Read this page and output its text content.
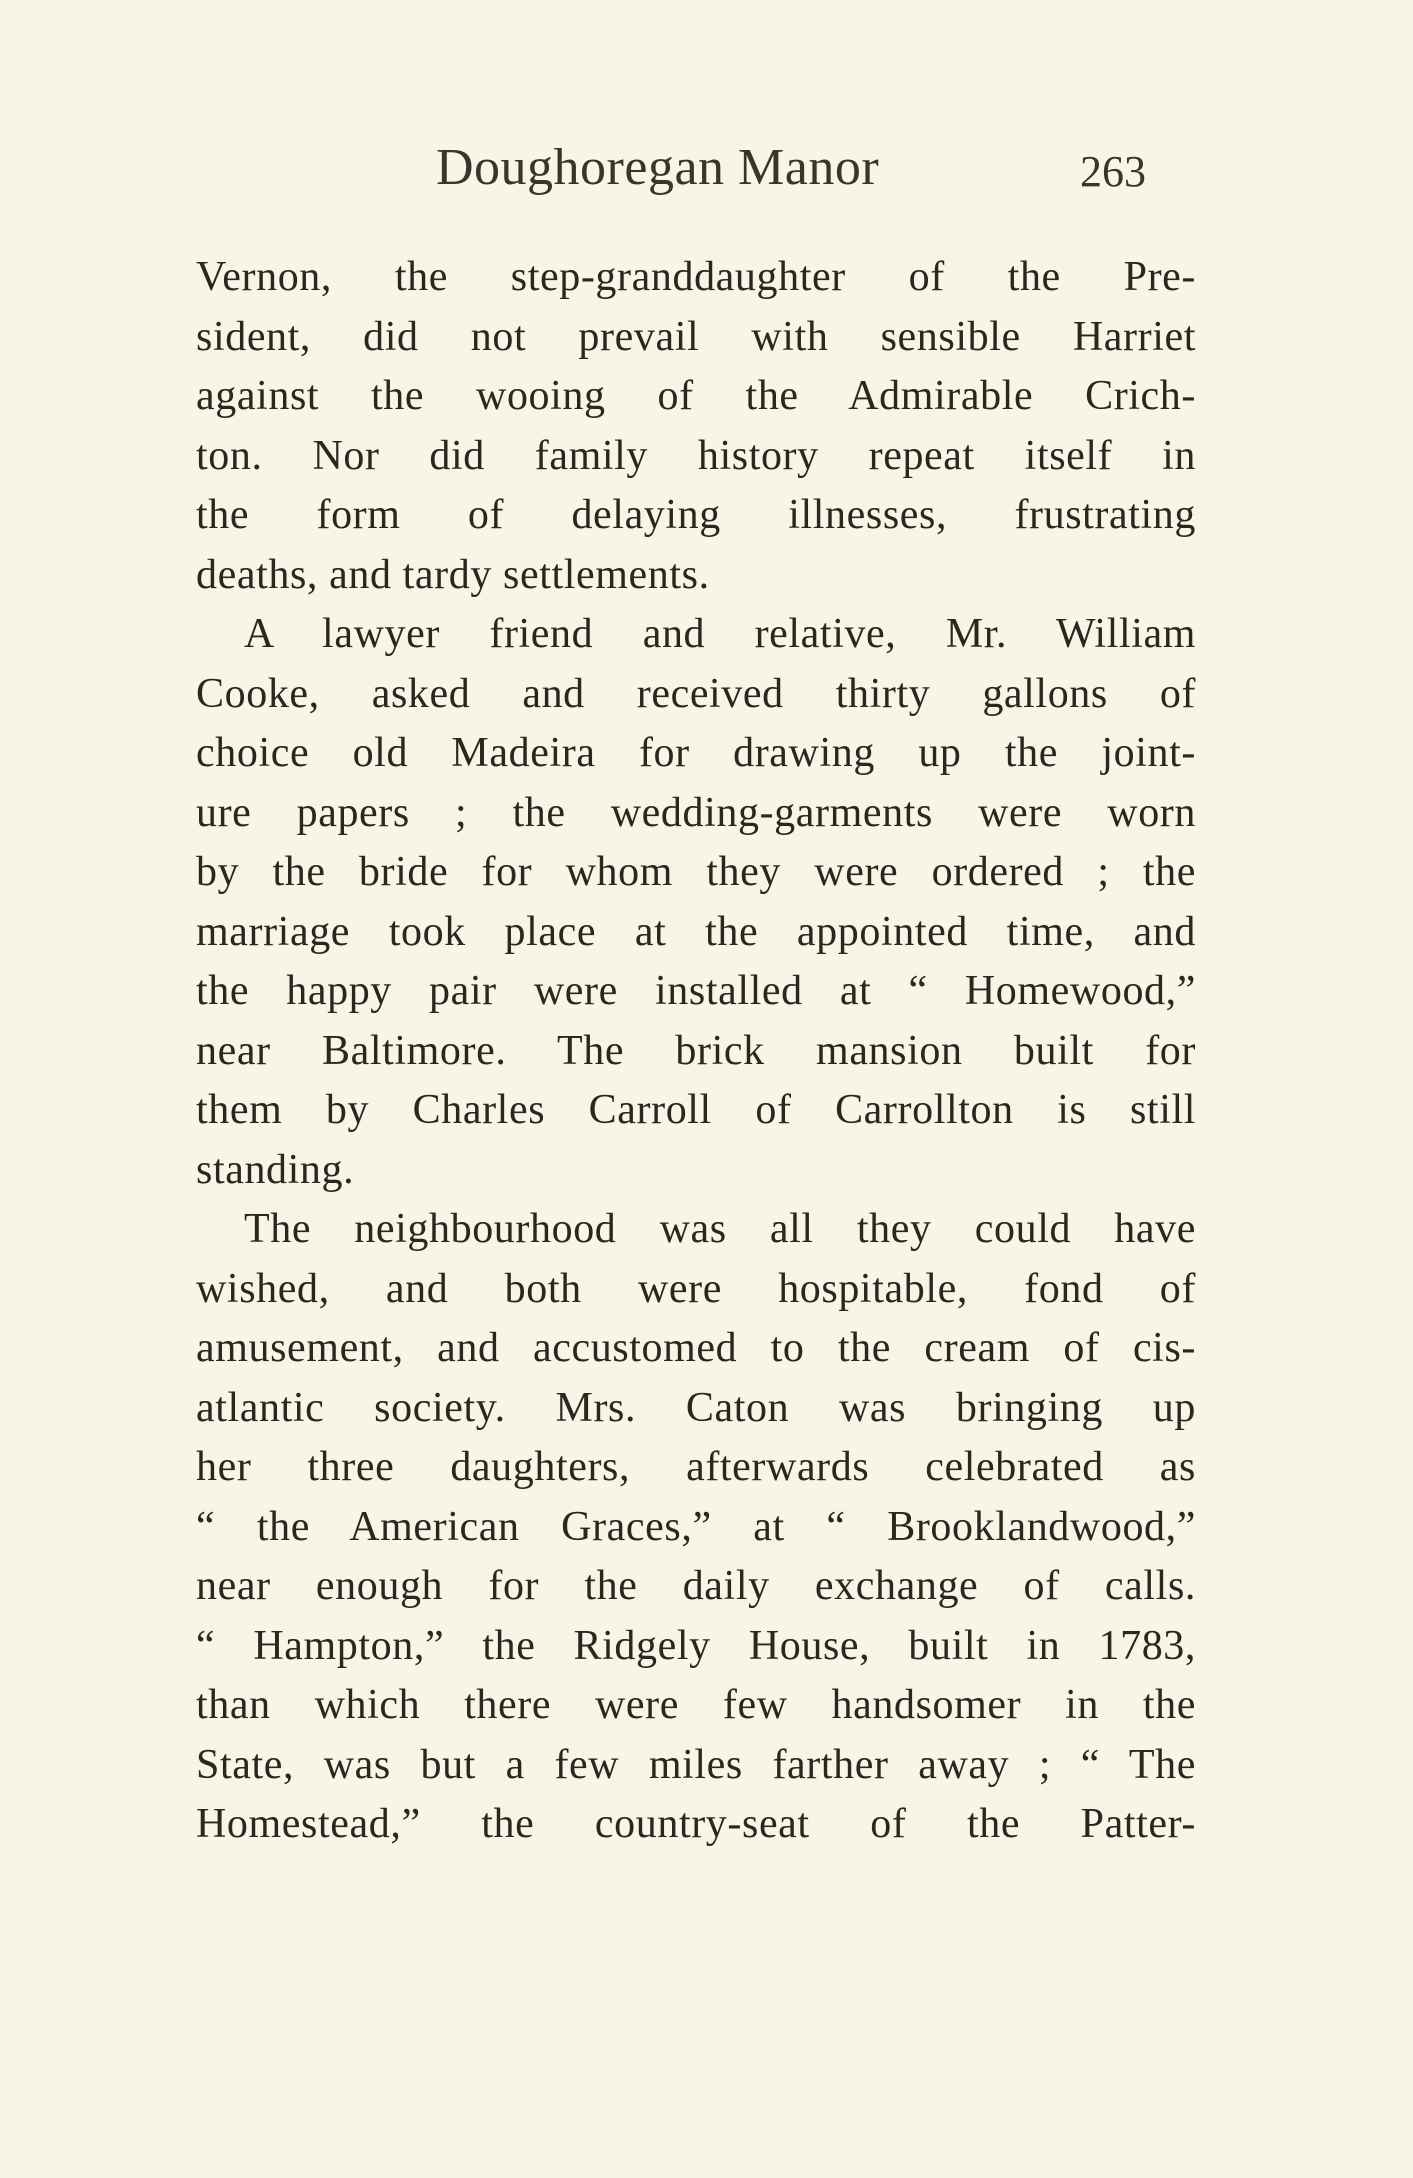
Doughoregan Manor	263
Vernon, the step-granddaughter of the Pre-
sident, did not prevail with sensible Harriet
against the wooing of the Admirable Crich-
ton. Nor did family history repeat itself in
the form of delaying illnesses, frustrating
deaths, and tardy settlements.
A lawyer friend and relative, Mr. William
Cooke, asked and received thirty gallons of
choice old Madeira for drawing up the joint-
ure papers ; the wedding-garments were worn
by the bride for whom they were ordered ; the
marriage took place at the appointed time, and
the happy pair were installed at “ Homewood,”
near Baltimore. The brick mansion built for
them by Charles Carroll of Carrollton is still
standing.
The neighbourhood was all they could have
wished, and both were hospitable, fond of
amusement, and accustomed to the cream of cis-
atlantic society. Mrs. Caton was bringing up
her three daughters, afterwards celebrated as
“ the American Graces,” at “ Brooklandwood,”
near enough for the daily exchange of calls.
“ Hampton,” the Ridgely House, built in 1783,
than which there were few handsomer in the
State, was but a few miles farther away ; “ The
Homestead,” the country-seat of the Patter-
